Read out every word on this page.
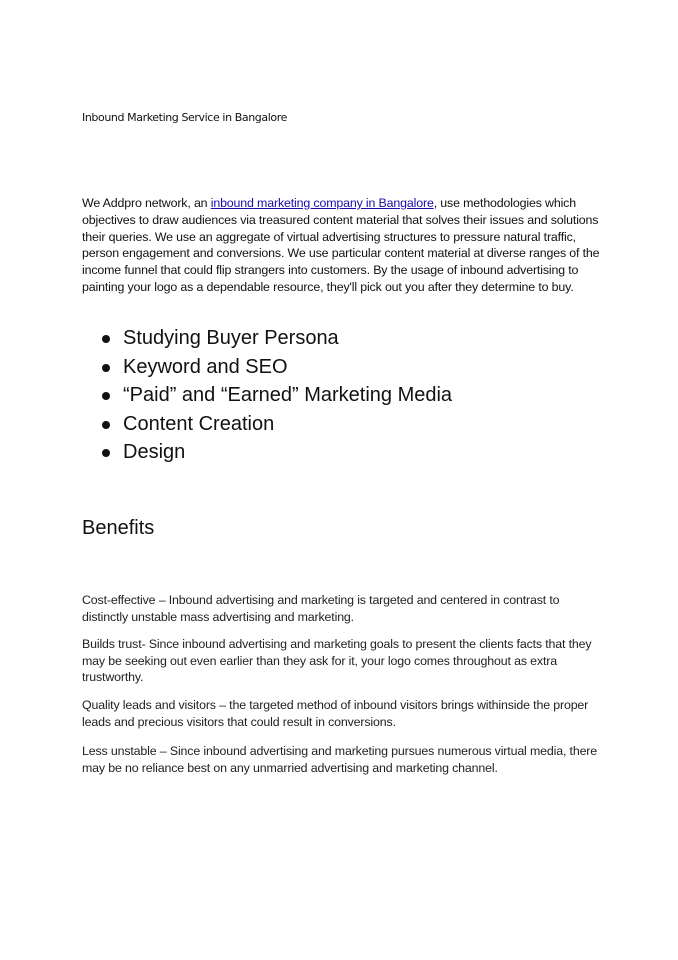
Inbound Marketing Service in Bangalore

We Addpro network, an inbound marketing company in Bangalore, use methodologies which objectives to draw audiences via treasured content material that solves their issues and solutions their queries. We use an aggregate of virtual advertising structures to pressure natural traffic, person engagement and conversions. We use particular content material at diverse ranges of the income funnel that could flip strangers into customers. By the usage of inbound advertising to painting your logo as a dependable resource, they'll pick out you after they determine to buy.

Studying Buyer Persona
Keyword and SEO
“Paid” and “Earned” Marketing Media
Content Creation
Design
Benefits

Cost-effective – Inbound advertising and marketing is targeted and centered in contrast to distinctly unstable mass advertising and marketing.

Builds trust- Since inbound advertising and marketing goals to present the clients facts that they may be seeking out even earlier than they ask for it, your logo comes throughout as extra trustworthy.

Quality leads and visitors – the targeted method of inbound visitors brings withinside the proper leads and precious visitors that could result in conversions.

Less unstable – Since inbound advertising and marketing pursues numerous virtual media, there may be no reliance best on any unmarried advertising and marketing channel.
